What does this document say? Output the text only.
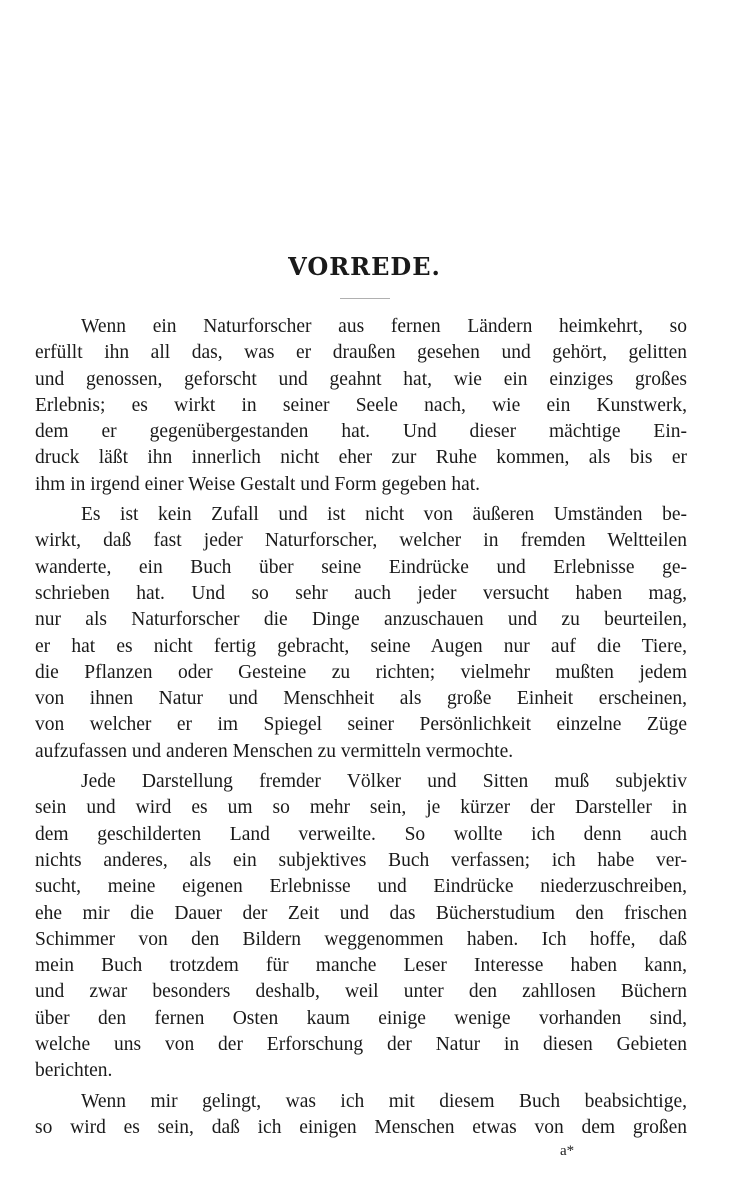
VORREDE.
Wenn ein Naturforscher aus fernen Ländern heimkehrt, so
erfüllt ihn all das, was er draußen gesehen und gehört, gelitten
und genossen, geforscht und geahnt hat, wie ein einziges großes
Erlebnis; es wirkt in seiner Seele nach, wie ein Kunstwerk,
dem er gegenübergestanden hat. Und dieser mächtige Ein-
druck läßt ihn innerlich nicht eher zur Ruhe kommen, als bis er
ihm in irgend einer Weise Gestalt und Form gegeben hat.
Es ist kein Zufall und ist nicht von äußeren Umständen be-
wirkt, daß fast jeder Naturforscher, welcher in fremden Weltteilen
wanderte, ein Buch über seine Eindrücke und Erlebnisse ge-
schrieben hat. Und so sehr auch jeder versucht haben mag,
nur als Naturforscher die Dinge anzuschauen und zu beurteilen,
er hat es nicht fertig gebracht, seine Augen nur auf die Tiere,
die Pflanzen oder Gesteine zu richten; vielmehr mußten jedem
von ihnen Natur und Menschheit als große Einheit erscheinen,
von welcher er im Spiegel seiner Persönlichkeit einzelne Züge
aufzufassen und anderen Menschen zu vermitteln vermochte.
Jede Darstellung fremder Völker und Sitten muß subjektiv
sein und wird es um so mehr sein, je kürzer der Darsteller in
dem geschilderten Land verweilte. So wollte ich denn auch
nichts anderes, als ein subjektives Buch verfassen; ich habe ver-
sucht, meine eigenen Erlebnisse und Eindrücke niederzuschreiben,
ehe mir die Dauer der Zeit und das Bücherstudium den frischen
Schimmer von den Bildern weggenommen haben. Ich hoffe, daß
mein Buch trotzdem für manche Leser Interesse haben kann,
und zwar besonders deshalb, weil unter den zahllosen Büchern
über den fernen Osten kaum einige wenige vorhanden sind,
welche uns von der Erforschung der Natur in diesen Gebieten
berichten.
Wenn mir gelingt, was ich mit diesem Buch beabsichtige,
so wird es sein, daß ich einigen Menschen etwas von dem großen
a*
